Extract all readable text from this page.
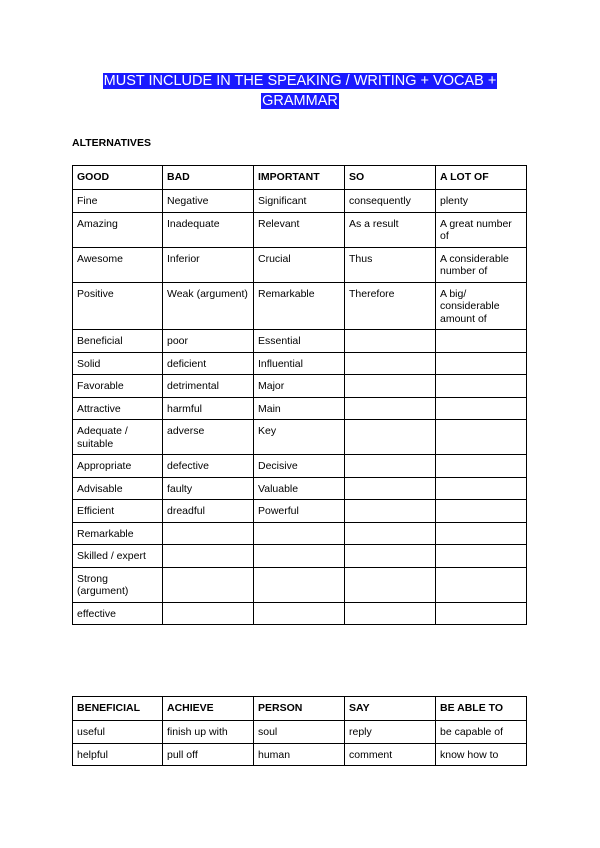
MUST INCLUDE IN THE SPEAKING / WRITING + VOCAB +
GRAMMAR
ALTERNATIVES
GOOD	BAD	IMPORTANT	SO	A LOT OF
Fine	Negative	Significant	consequently	plenty
Amazing	Inadequate	Relevant	As a result	A great number of
Awesome	Inferior	Crucial	Thus	A considerable number of
Positive	Weak (argument)	Remarkable	Therefore	A big/ considerable amount of
Beneficial	poor	Essential		
Solid	deficient	Influential		
Favorable	detrimental	Major		
Attractive	harmful	Main		
Adequate / suitable	adverse	Key		
Appropriate	defective	Decisive		
Advisable	faulty	Valuable		
Efficient	dreadful	Powerful		
Remarkable				
Skilled / expert				
Strong (argument)				
effective				
BENEFICIAL	ACHIEVE	PERSON	SAY	BE ABLE TO
useful	finish up with	soul	reply	be capable of
helpful	pull off	human	comment	know how to
